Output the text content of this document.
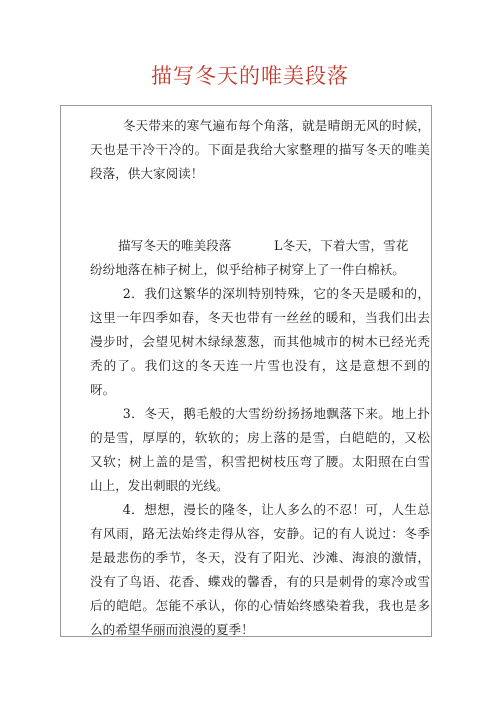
描写冬天的唯美段落

冬天带来的寒气遍布每个角落，就是晴朗无风的时候，天也是干冷干冷的。下面是我给大家整理的描写冬天的唯美段落，供大家阅读！

描写冬天的唯美段落	L冬天，下着大雪，雪花

纷纷地落在柿子树上，似乎给柿子树穿上了一件白棉袄。

2．我们这繁华的深圳特别特殊，它的冬天是暖和的，这里一年四季如春，冬天也带有一丝丝的暖和，当我们出去漫步时，会望见树木绿绿葱葱，而其他城市的树木已经光秃秃的了。我们这的冬天连一片雪也没有，这是意想不到的呀。

3．冬天，鹅毛般的大雪纷纷扬扬地飘落下来。地上扑的是雪，厚厚的，软软的；房上落的是雪，白皑皑的，又松又软；树上盖的是雪，积雪把树枝压弯了腰。太阳照在白雪山上，发出刺眼的光线。

4．想想，漫长的隆冬，让人多么的不忍！可，人生总有风雨，路无法始终走得从容，安静。记的有人说过：冬季是最悲伤的季节，冬天，没有了阳光、沙滩、海浪的激情，没有了鸟语、花香、蝶戏的馨香，有的只是刺骨的寒冷或雪后的皑皑。怎能不承认，你的心情始终感染着我，我也是多么的希望华丽而浪漫的夏季！
